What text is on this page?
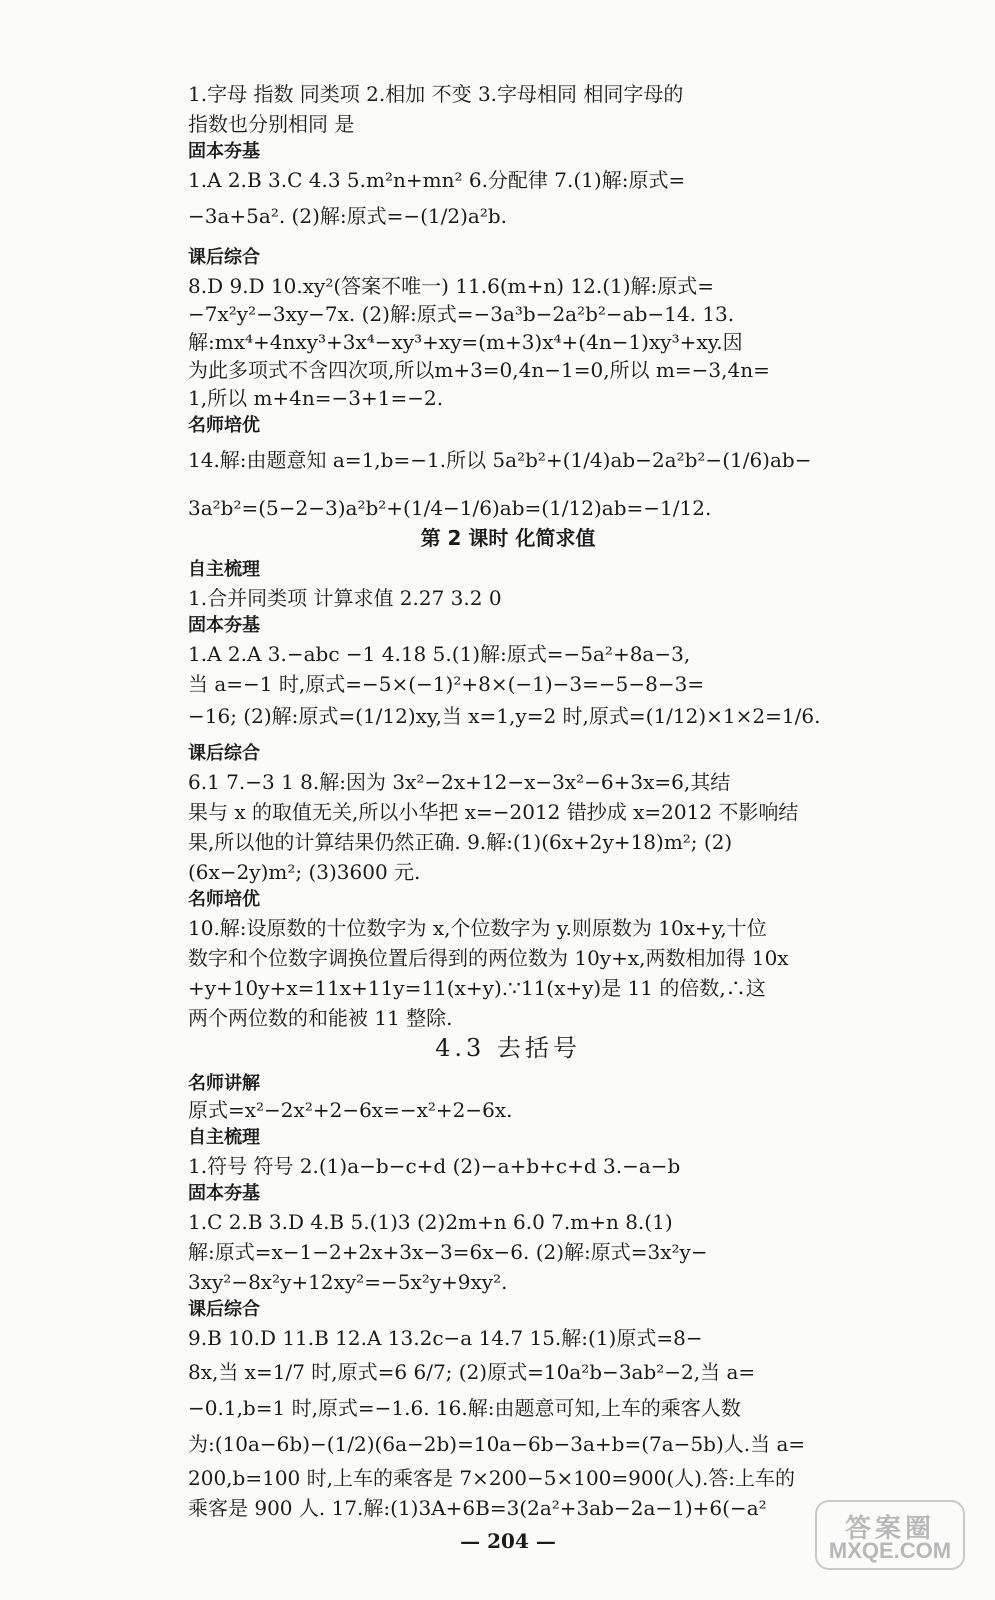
1.字母 指数 同类项 2.相加 不变 3.字母相同 相同字母的
指数也分别相同 是
固本夯基
1.A 2.B 3.C 4.3 5.m²n+mn² 6.分配律 7.(1)解:原式=
−3a+5a². (2)解:原式=−(1/2)a²b.
课后综合
8.D 9.D 10.xy²(答案不唯一) 11.6(m+n) 12.(1)解:原式=
−7x²y²−3xy−7x. (2)解:原式=−3a³b−2a²b²−ab−14. 13.
解:mx⁴+4nxy³+3x⁴−xy³+xy=(m+3)x⁴+(4n−1)xy³+xy.因
为此多项式不含四次项,所以m+3=0,4n−1=0,所以 m=−3,4n=
1,所以 m+4n=−3+1=−2.
名师培优
14.解:由题意知 a=1,b=−1.所以 5a²b²+(1/4)ab−2a²b²−(1/6)ab−
3a²b²=(5−2−3)a²b²+(1/4−1/6)ab=(1/12)ab=−1/12.
第 2 课时 化简求值
自主梳理
1.合并同类项 计算求值 2.27 3.2 0
固本夯基
1.A 2.A 3.−abc −1 4.18 5.(1)解:原式=−5a²+8a−3,
当 a=−1 时,原式=−5×(−1)²+8×(−1)−3=−5−8−3=
−16; (2)解:原式=(1/12)xy,当 x=1,y=2 时,原式=(1/12)×1×2=1/6.
课后综合
6.1 7.−3 1 8.解:因为 3x²−2x+12−x−3x²−6+3x=6,其结
果与 x 的取值无关,所以小华把 x=−2012 错抄成 x=2012 不影响结
果,所以他的计算结果仍然正确. 9.解:(1)(6x+2y+18)m²; (2)
(6x−2y)m²; (3)3600 元.
名师培优
10.解:设原数的十位数字为 x,个位数字为 y.则原数为 10x+y,十位
数字和个位数字调换位置后得到的两位数为 10y+x,两数相加得 10x
+y+10y+x=11x+11y=11(x+y).∵11(x+y)是 11 的倍数,∴这
两个两位数的和能被 11 整除.
4.3 去括号
名师讲解
原式=x²−2x²+2−6x=−x²+2−6x.
自主梳理
1.符号 符号 2.(1)a−b−c+d (2)−a+b+c+d 3.−a−b
固本夯基
1.C 2.B 3.D 4.B 5.(1)3 (2)2m+n 6.0 7.m+n 8.(1)
解:原式=x−1−2+2x+3x−3=6x−6. (2)解:原式=3x²y−
3xy²−8x²y+12xy²=−5x²y+9xy².
课后综合
9.B 10.D 11.B 12.A 13.2c−a 14.7 15.解:(1)原式=8−
8x,当 x=1/7 时,原式=6 6/7; (2)原式=10a²b−3ab²−2,当 a=
−0.1,b=1 时,原式=−1.6. 16.解:由题意可知,上车的乘客人数
为:(10a−6b)−(1/2)(6a−2b)=10a−6b−3a+b=(7a−5b)人.当 a=
200,b=100 时,上车的乘客是 7×200−5×100=900(人).答:上车的
乘客是 900 人. 17.解:(1)3A+6B=3(2a²+3ab−2a−1)+6(−a²
— 204 —	答案圈
MXQE.COM
